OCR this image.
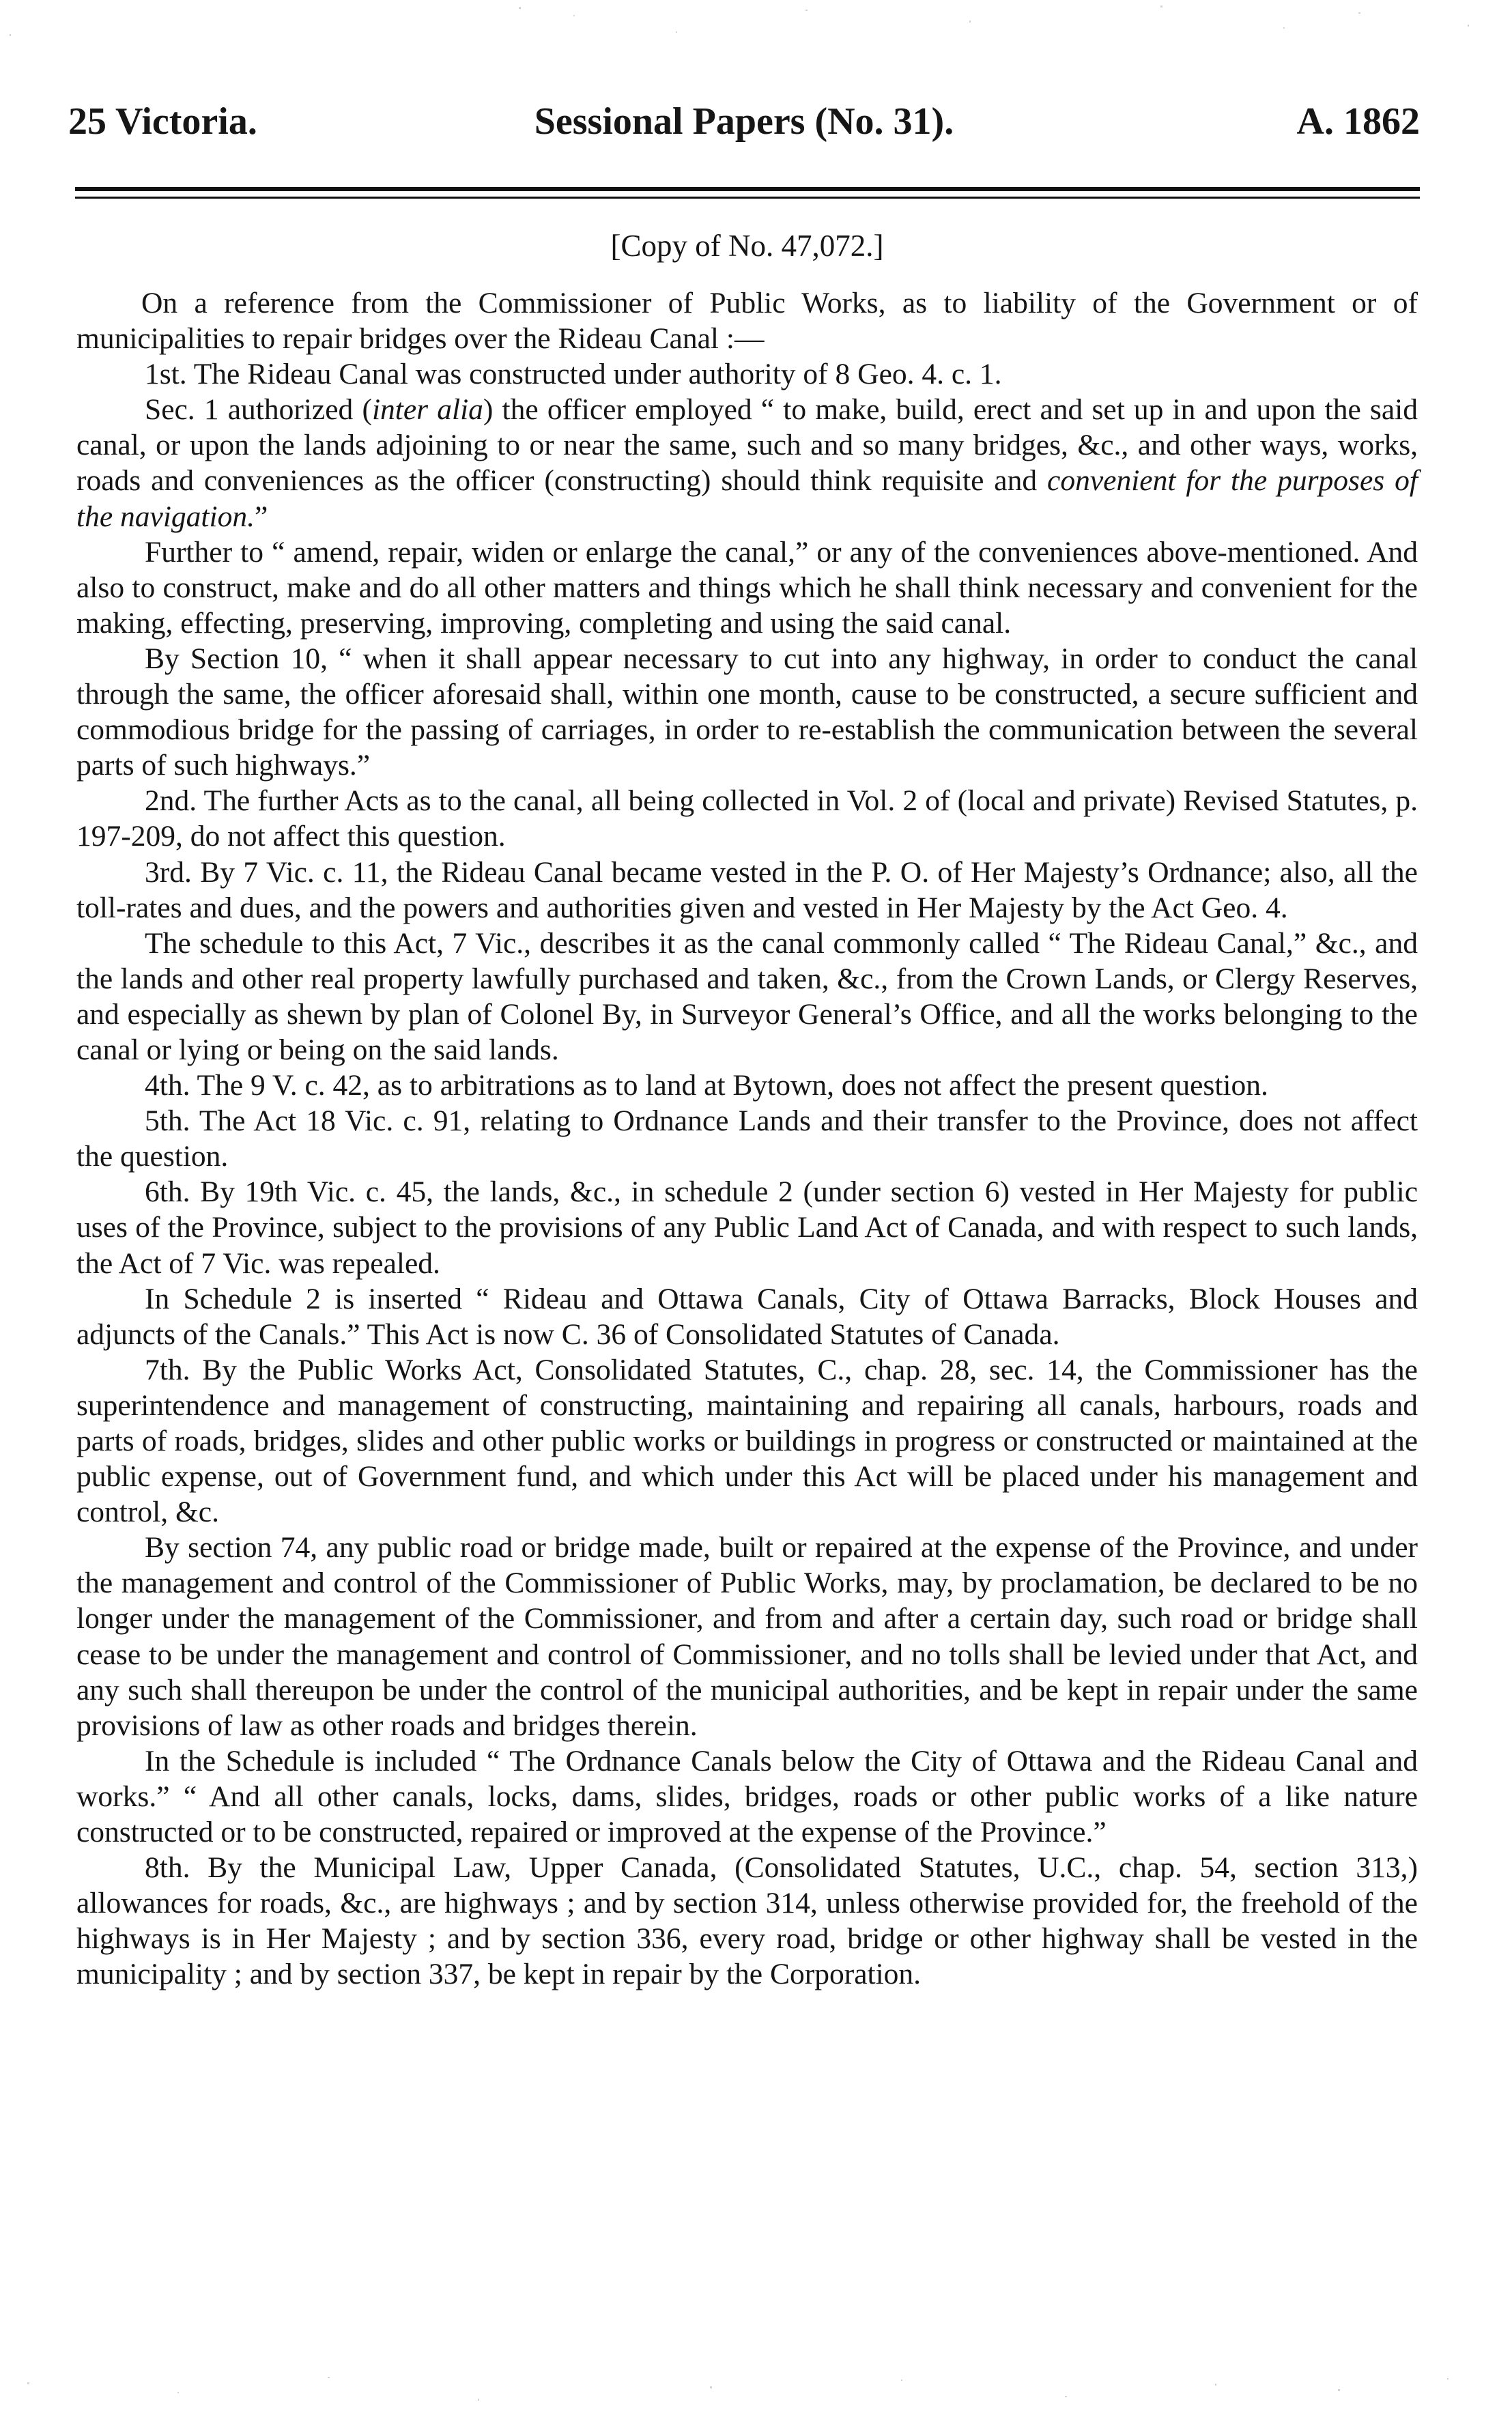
25 Victoria.	Sessional Papers (No. 31).	A. 1862
[Copy of No. 47,072.]

On a reference from the Commissioner of Public Works, as to liability of the Government or of municipalities to repair bridges over the Rideau Canal :—

1st. The Rideau Canal was constructed under authority of 8 Geo. 4. c. 1.

Sec. 1 authorized (inter alia) the officer employed “ to make, build, erect and set up in and upon the said canal, or upon the lands adjoining to or near the same, such and so many bridges, &c., and other ways, works, roads and conveniences as the officer (constructing) should think requisite and convenient for the purposes of the navigation.”

Further to “ amend, repair, widen or enlarge the canal,” or any of the conveniences above-mentioned. And also to construct, make and do all other matters and things which he shall think necessary and convenient for the making, effecting, preserving, improving, completing and using the said canal.

By Section 10, “ when it shall appear necessary to cut into any highway, in order to conduct the canal through the same, the officer aforesaid shall, within one month, cause to be constructed, a secure sufficient and commodious bridge for the passing of carriages, in order to re-establish the communication between the several parts of such highways.”

2nd. The further Acts as to the canal, all being collected in Vol. 2 of (local and private) Revised Statutes, p. 197-209, do not affect this question.

3rd. By 7 Vic. c. 11, the Rideau Canal became vested in the P. O. of Her Majesty’s Ordnance; also, all the toll-rates and dues, and the powers and authorities given and vested in Her Majesty by the Act Geo. 4.

The schedule to this Act, 7 Vic., describes it as the canal commonly called “ The Rideau Canal,” &c., and the lands and other real property lawfully purchased and taken, &c., from the Crown Lands, or Clergy Reserves, and especially as shewn by plan of Colonel By, in Surveyor General’s Office, and all the works belonging to the canal or lying or being on the said lands.

4th. The 9 V. c. 42, as to arbitrations as to land at Bytown, does not affect the present question.

5th. The Act 18 Vic. c. 91, relating to Ordnance Lands and their transfer to the Province, does not affect the question.

6th. By 19th Vic. c. 45, the lands, &c., in schedule 2 (under section 6) vested in Her Majesty for public uses of the Province, subject to the provisions of any Public Land Act of Canada, and with respect to such lands, the Act of 7 Vic. was repealed.

In Schedule 2 is inserted “ Rideau and Ottawa Canals, City of Ottawa Barracks, Block Houses and adjuncts of the Canals.” This Act is now C. 36 of Consolidated Statutes of Canada.

7th. By the Public Works Act, Consolidated Statutes, C., chap. 28, sec. 14, the Commissioner has the superintendence and management of constructing, maintaining and repairing all canals, harbours, roads and parts of roads, bridges, slides and other public works or buildings in progress or constructed or maintained at the public expense, out of Government fund, and which under this Act will be placed under his management and control, &c.

By section 74, any public road or bridge made, built or repaired at the expense of the Province, and under the management and control of the Commissioner of Public Works, may, by proclamation, be declared to be no longer under the management of the Commissioner, and from and after a certain day, such road or bridge shall cease to be under the management and control of Commissioner, and no tolls shall be levied under that Act, and any such shall thereupon be under the control of the municipal authorities, and be kept in repair under the same provisions of law as other roads and bridges therein.

In the Schedule is included “ The Ordnance Canals below the City of Ottawa and the Rideau Canal and works.” “ And all other canals, locks, dams, slides, bridges, roads or other public works of a like nature constructed or to be constructed, repaired or improved at the expense of the Province.”

8th. By the Municipal Law, Upper Canada, (Consolidated Statutes, U.C., chap. 54, section 313,) allowances for roads, &c., are highways ; and by section 314, unless otherwise provided for, the freehold of the highways is in Her Majesty ; and by section 336, every road, bridge or other highway shall be vested in the municipality ; and by section 337, be kept in repair by the Corporation.
